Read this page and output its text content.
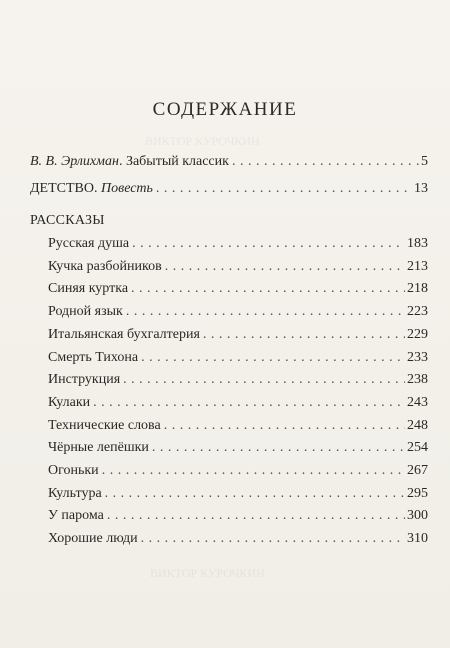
СОДЕРЖАНИЕ
В. В. Эрлихман. Забытый классик . . .	5
ДЕТСТВО. Повесть . . .	13
РАССКАЗЫ
Русская душа . . .	183
Кучка разбойников . . .	213
Синяя куртка . . .	218
Родной язык . . .	223
Итальянская бухгалтерия . . .	229
Смерть Тихона . . .	233
Инструкция . . .	238
Кулаки . . .	243
Технические слова . . .	248
Чёрные лепёшки . . .	254
Огоньки . . .	267
Культура . . .	295
У парома . . .	300
Хорошие люди . . .	310
ВИКТОР КУРОЧКИН
ВИКТОР КУРОЧКИН
